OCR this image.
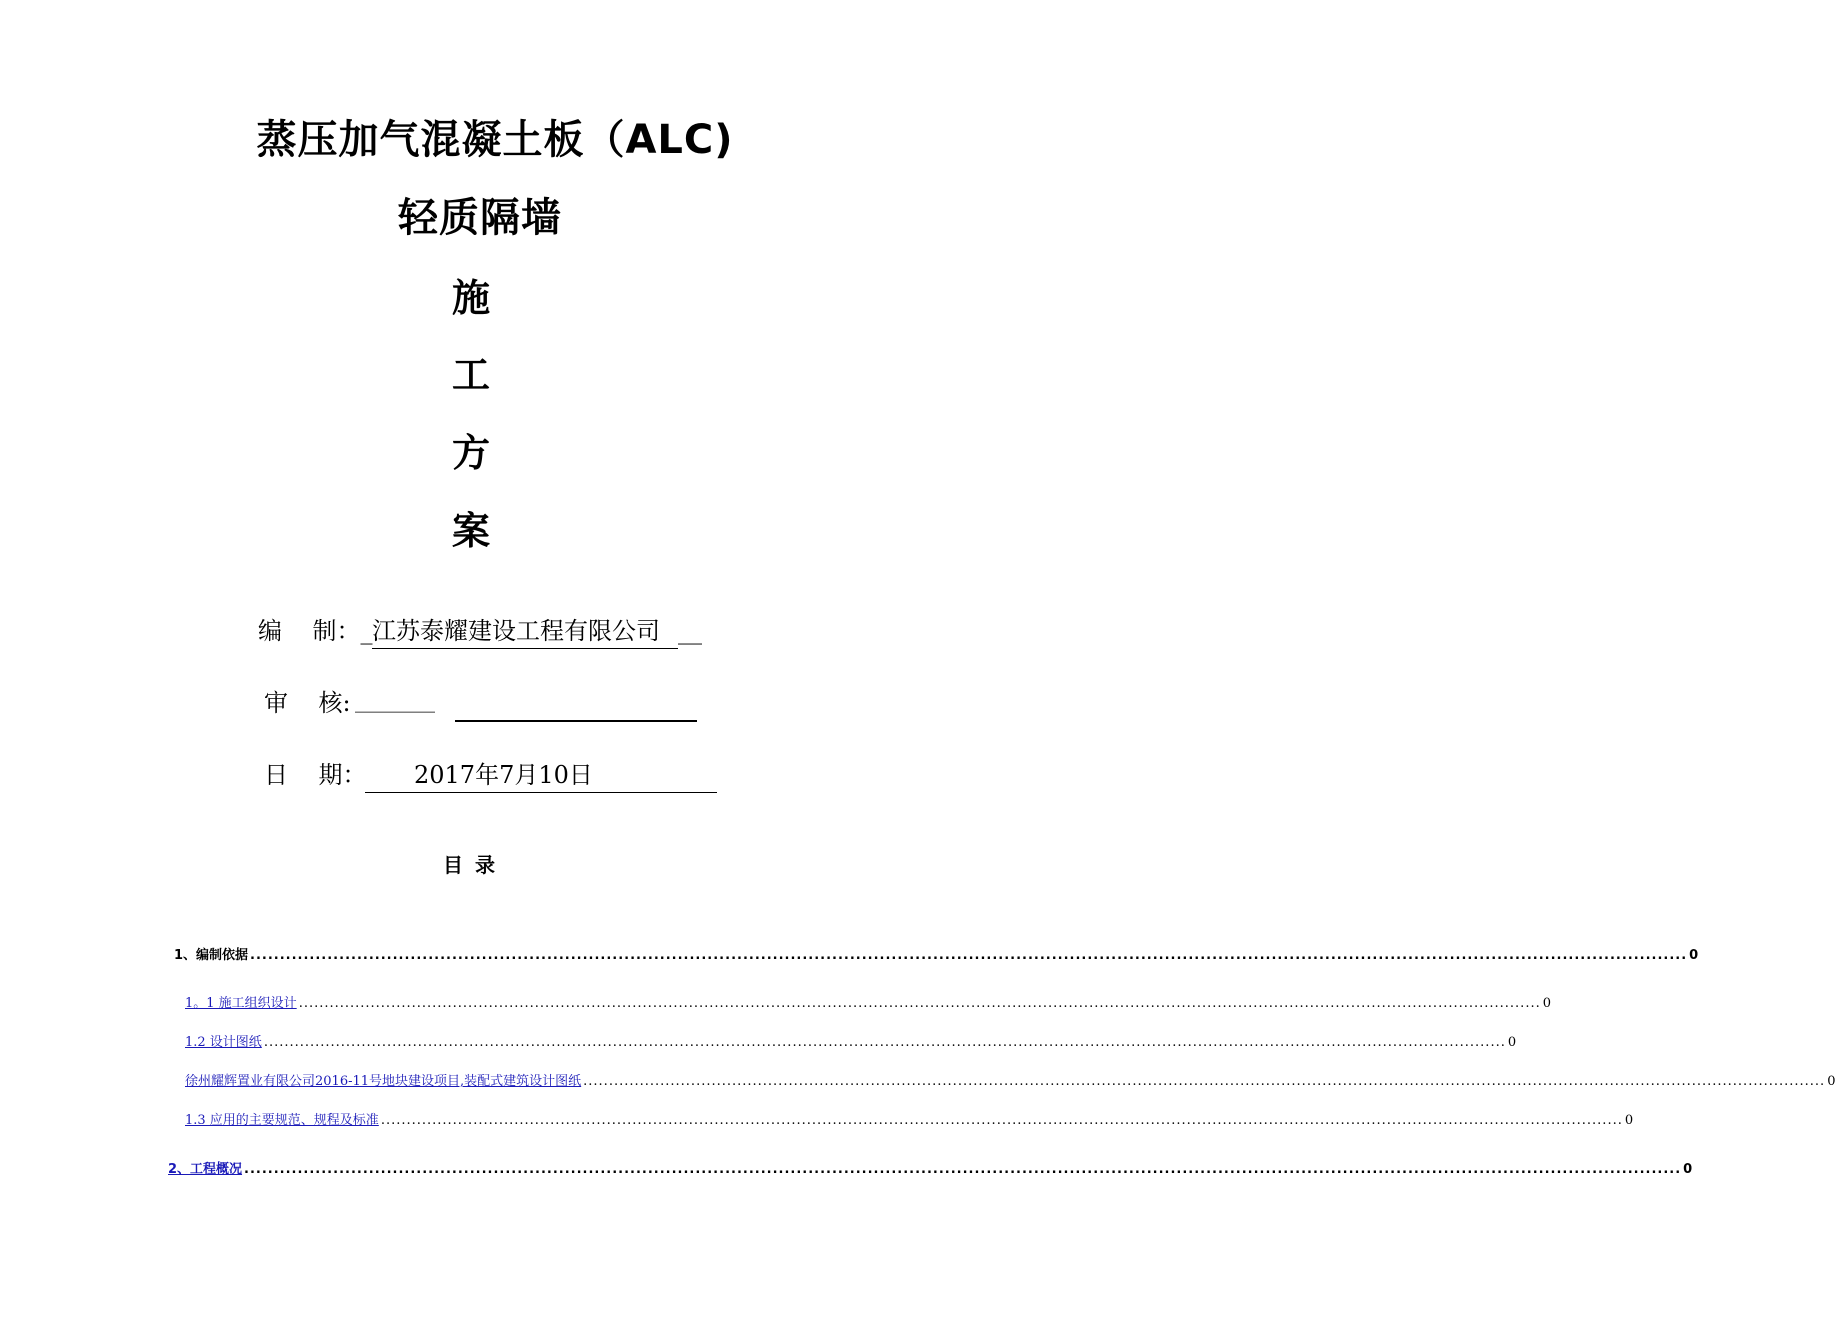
蒸压加气混凝土板（ALC)
轻质隔墙
施
工
方
案
编    制：_ 江苏泰耀建设工程有限公司 __
审    核: ________
日    期： 2017年7月10日
目录
1、编制依据 .................................................................................................................................................................................................................................................. 0
1。1 施工组织设计 .................................................................................................................................................................................................................................................. 0
1.2 设计图纸 .................................................................................................................................................................................................................................................. 0
徐州耀辉置业有限公司2016-11号地块建设项目,装配式建筑设计图纸 .................................................................................................................................................................................................................................................. 0
1.3 应用的主要规范、规程及标准 .................................................................................................................................................................................................................................................. 0
2、工程概况 .................................................................................................................................................................................................................................................. 0
